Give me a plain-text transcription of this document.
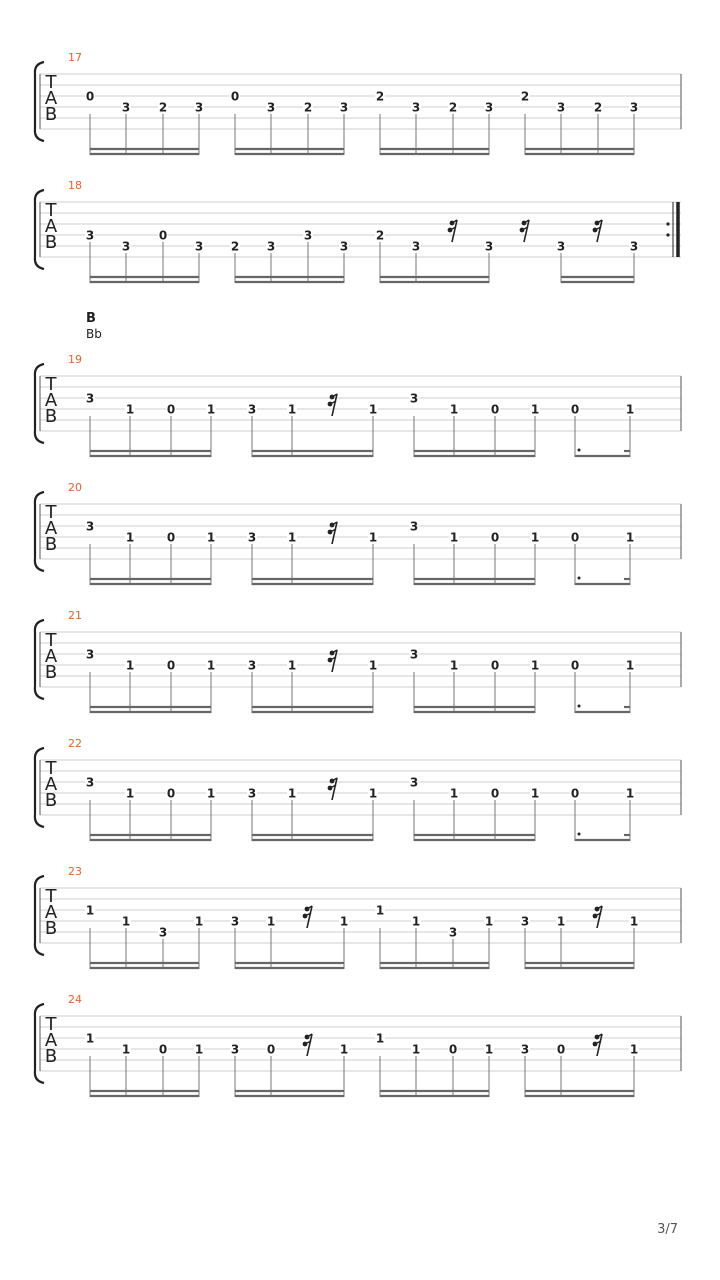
17
T
A
B
0
3 2 3
0
3 2 3
2
3 2 3
2
3 2 3
18
T
A
B 3
3
0
3 2 3
3
3
2
3	3	3	3
19
T
A
B
3
1	0	1	3	1	1
3
1	0	1	0	1
20
T
A
B
3
1	0	1	3	1	1
3
1	0	1	0	1
21
T
A
B
3
1	0	1	3	1	1
3
1	0	1	0	1
22
T
A
B
3
1	0	1	3	1	1
3
1	0	1	0	1
23
T
A
B
1
1
3
1 3 1	1
1
1
3
1 3 1	1
24
T
A
B
1
1 0 1 3 0	1
1
1 0 1 3 0	1
B
Bb
3/7
